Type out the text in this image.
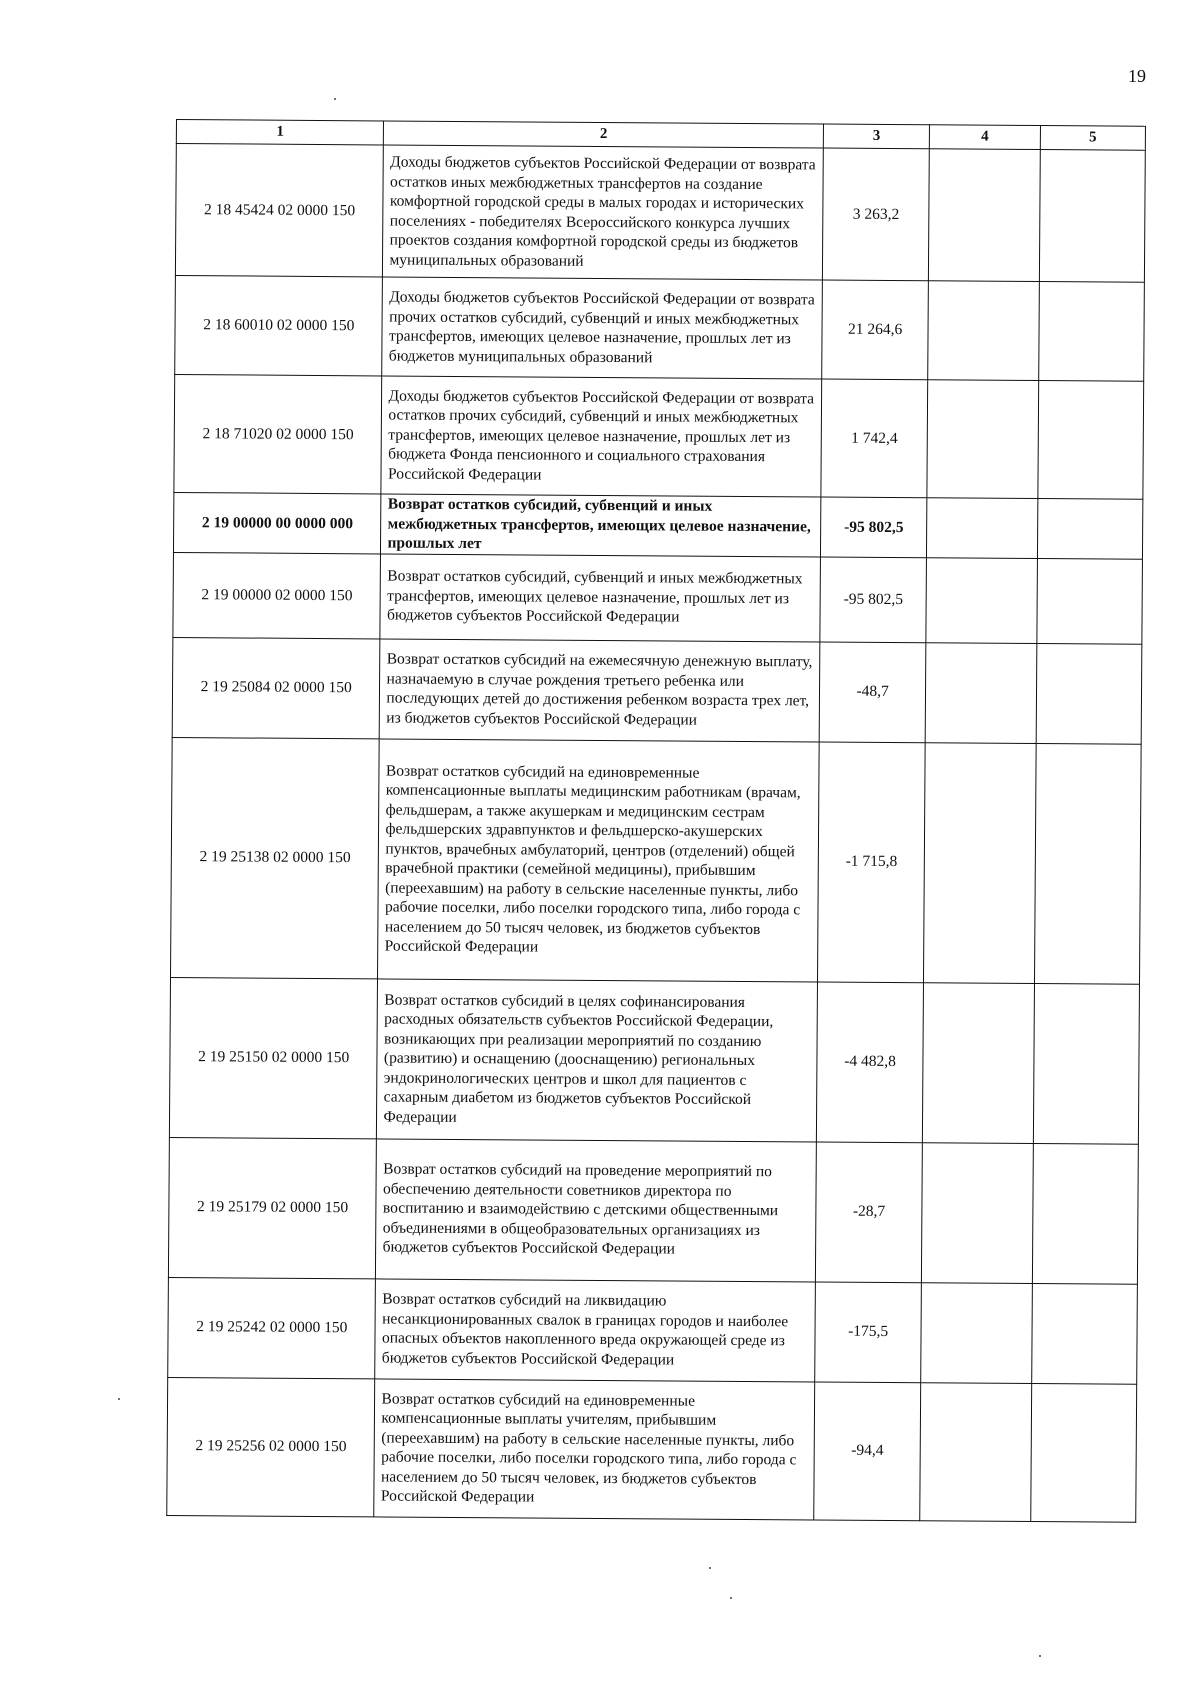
19
1	2	3	4	5
2 18 45424 02 0000 150	Доходы бюджетов субъектов Российской Федерации от возврата остатков иных межбюджетных трансфертов на создание комфортной городской среды в малых городах и исторических поселениях - победителях Всероссийского конкурса лучших проектов создания комфортной городской среды из бюджетов муниципальных образований	3 263,2		
2 18 60010 02 0000 150	Доходы бюджетов субъектов Российской Федерации от возврата прочих остатков субсидий, субвенций и иных межбюджетных трансфертов, имеющих целевое назначение, прошлых лет из бюджетов муниципальных образований	21 264,6		
2 18 71020 02 0000 150	Доходы бюджетов субъектов Российской Федерации от возврата остатков прочих субсидий, субвенций и иных межбюджетных трансфертов, имеющих целевое назначение, прошлых лет из бюджета Фонда пенсионного и социального страхования Российской Федерации	1 742,4		
2 19 00000 00 0000 000	Возврат остатков субсидий, субвенций и иных межбюджетных трансфертов, имеющих целевое назначение, прошлых лет	-95 802,5		
2 19 00000 02 0000 150	Возврат остатков субсидий, субвенций и иных межбюджетных трансфертов, имеющих целевое назначение, прошлых лет из бюджетов субъектов Российской Федерации	-95 802,5		
2 19 25084 02 0000 150	Возврат остатков субсидий на ежемесячную денежную выплату, назначаемую в случае рождения третьего ребенка или последующих детей до достижения ребенком возраста трех лет, из бюджетов субъектов Российской Федерации	-48,7		
2 19 25138 02 0000 150	Возврат остатков субсидий на единовременные компенсационные выплаты медицинским работникам (врачам, фельдшерам, а также акушеркам и медицинским сестрам фельдшерских здравпунктов и фельдшерско-акушерских пунктов, врачебных амбулаторий, центров (отделений) общей врачебной практики (семейной медицины), прибывшим (переехавшим) на работу в сельские населенные пункты, либо рабочие поселки, либо поселки городского типа, либо города с населением до 50 тысяч человек, из бюджетов субъектов Российской Федерации	-1 715,8		
2 19 25150 02 0000 150	Возврат остатков субсидий в целях софинансирования расходных обязательств субъектов Российской Федерации, возникающих при реализации мероприятий по созданию (развитию) и оснащению (дооснащению) региональных эндокринологических центров и школ для пациентов с сахарным диабетом из бюджетов субъектов Российской Федерации	-4 482,8		
2 19 25179 02 0000 150	Возврат остатков субсидий на проведение мероприятий по обеспечению деятельности советников директора по воспитанию и взаимодействию с детскими общественными объединениями в общеобразовательных организациях из бюджетов субъектов Российской Федерации	-28,7		
2 19 25242 02 0000 150	Возврат остатков субсидий на ликвидацию несанкционированных свалок в границах городов и наиболее опасных объектов накопленного вреда окружающей среде из бюджетов субъектов Российской Федерации	-175,5		
2 19 25256 02 0000 150	Возврат остатков субсидий на единовременные компенсационные выплаты учителям, прибывшим (переехавшим) на работу в сельские населенные пункты, либо рабочие поселки, либо поселки городского типа, либо города с населением до 50 тысяч человек, из бюджетов субъектов Российской Федерации	-94,4		
